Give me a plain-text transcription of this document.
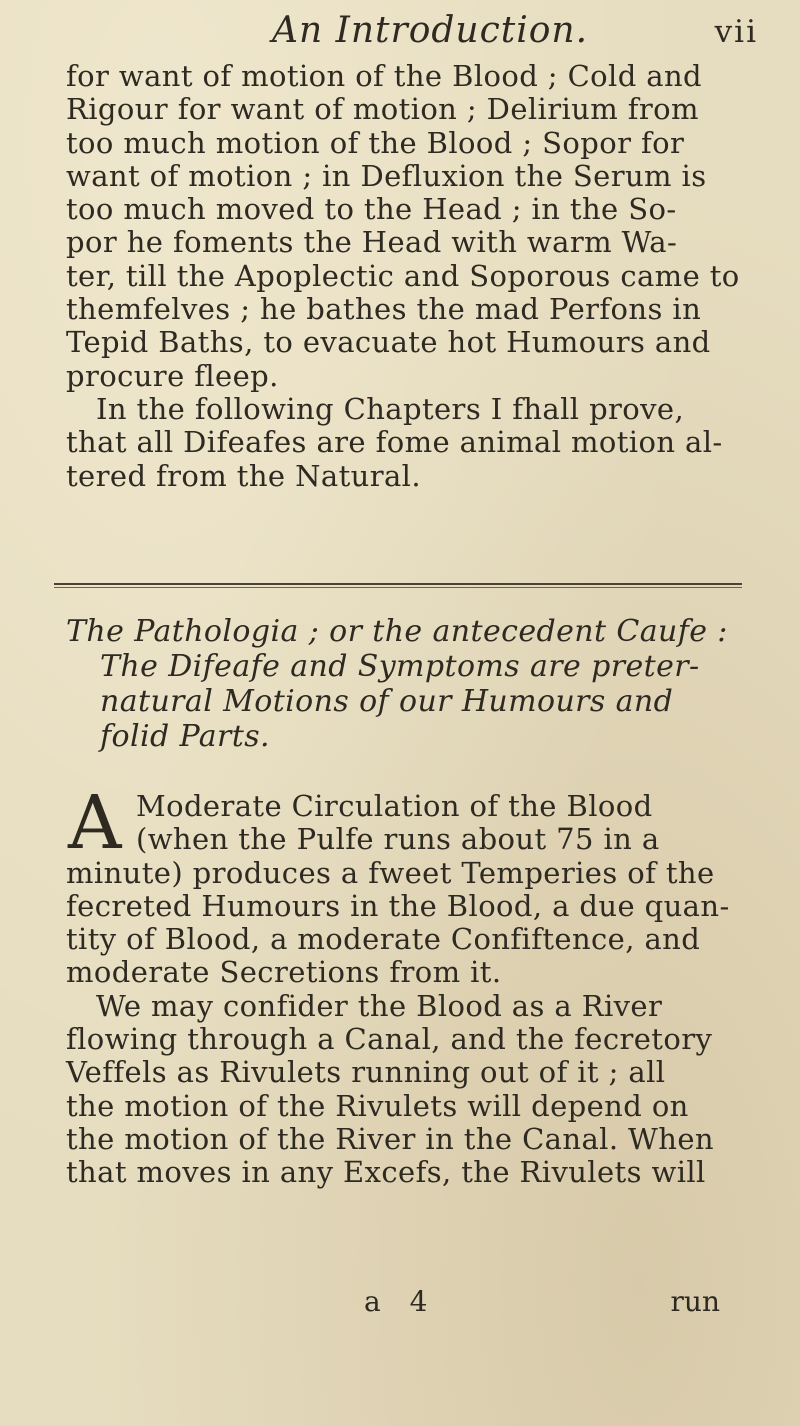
An Introduction.	vii
for want of motion of the Blood ; Cold and
Rigour for want of motion ; Delirium from
too much motion of the Blood ; Sopor for
want of motion ; in Defluxion the Serum is
too much moved to the Head ; in the So-
por he foments the Head with warm Wa-
ter, till the Apoplectic and Soporous came to
themfelves ; he bathes the mad Perfons in
Tepid Baths, to evacuate hot Humours and
procure fleep.
In the following Chapters I fhall prove,
that all Difeafes are fome animal motion al-
tered from the Natural.
The Pathologia ; or the antecedent Caufe :
The Difeafe and Symptoms are preter-
natural Motions of our Humours and
folid Parts.
A Moderate Circulation of the Blood
(when the Pulfe runs about 75 in a
minute) produces a fweet Temperies of the
fecreted Humours in the Blood, a due quan-
tity of Blood, a moderate Confiftence, and
moderate Secretions from it.
We may confider the Blood as a River
flowing through a Canal, and the fecretory
Veffels as Rivulets running out of it ; all
the motion of the Rivulets will depend on
the motion of the River in the Canal. When
that moves in any Excefs, the Rivulets will
a 4	run
